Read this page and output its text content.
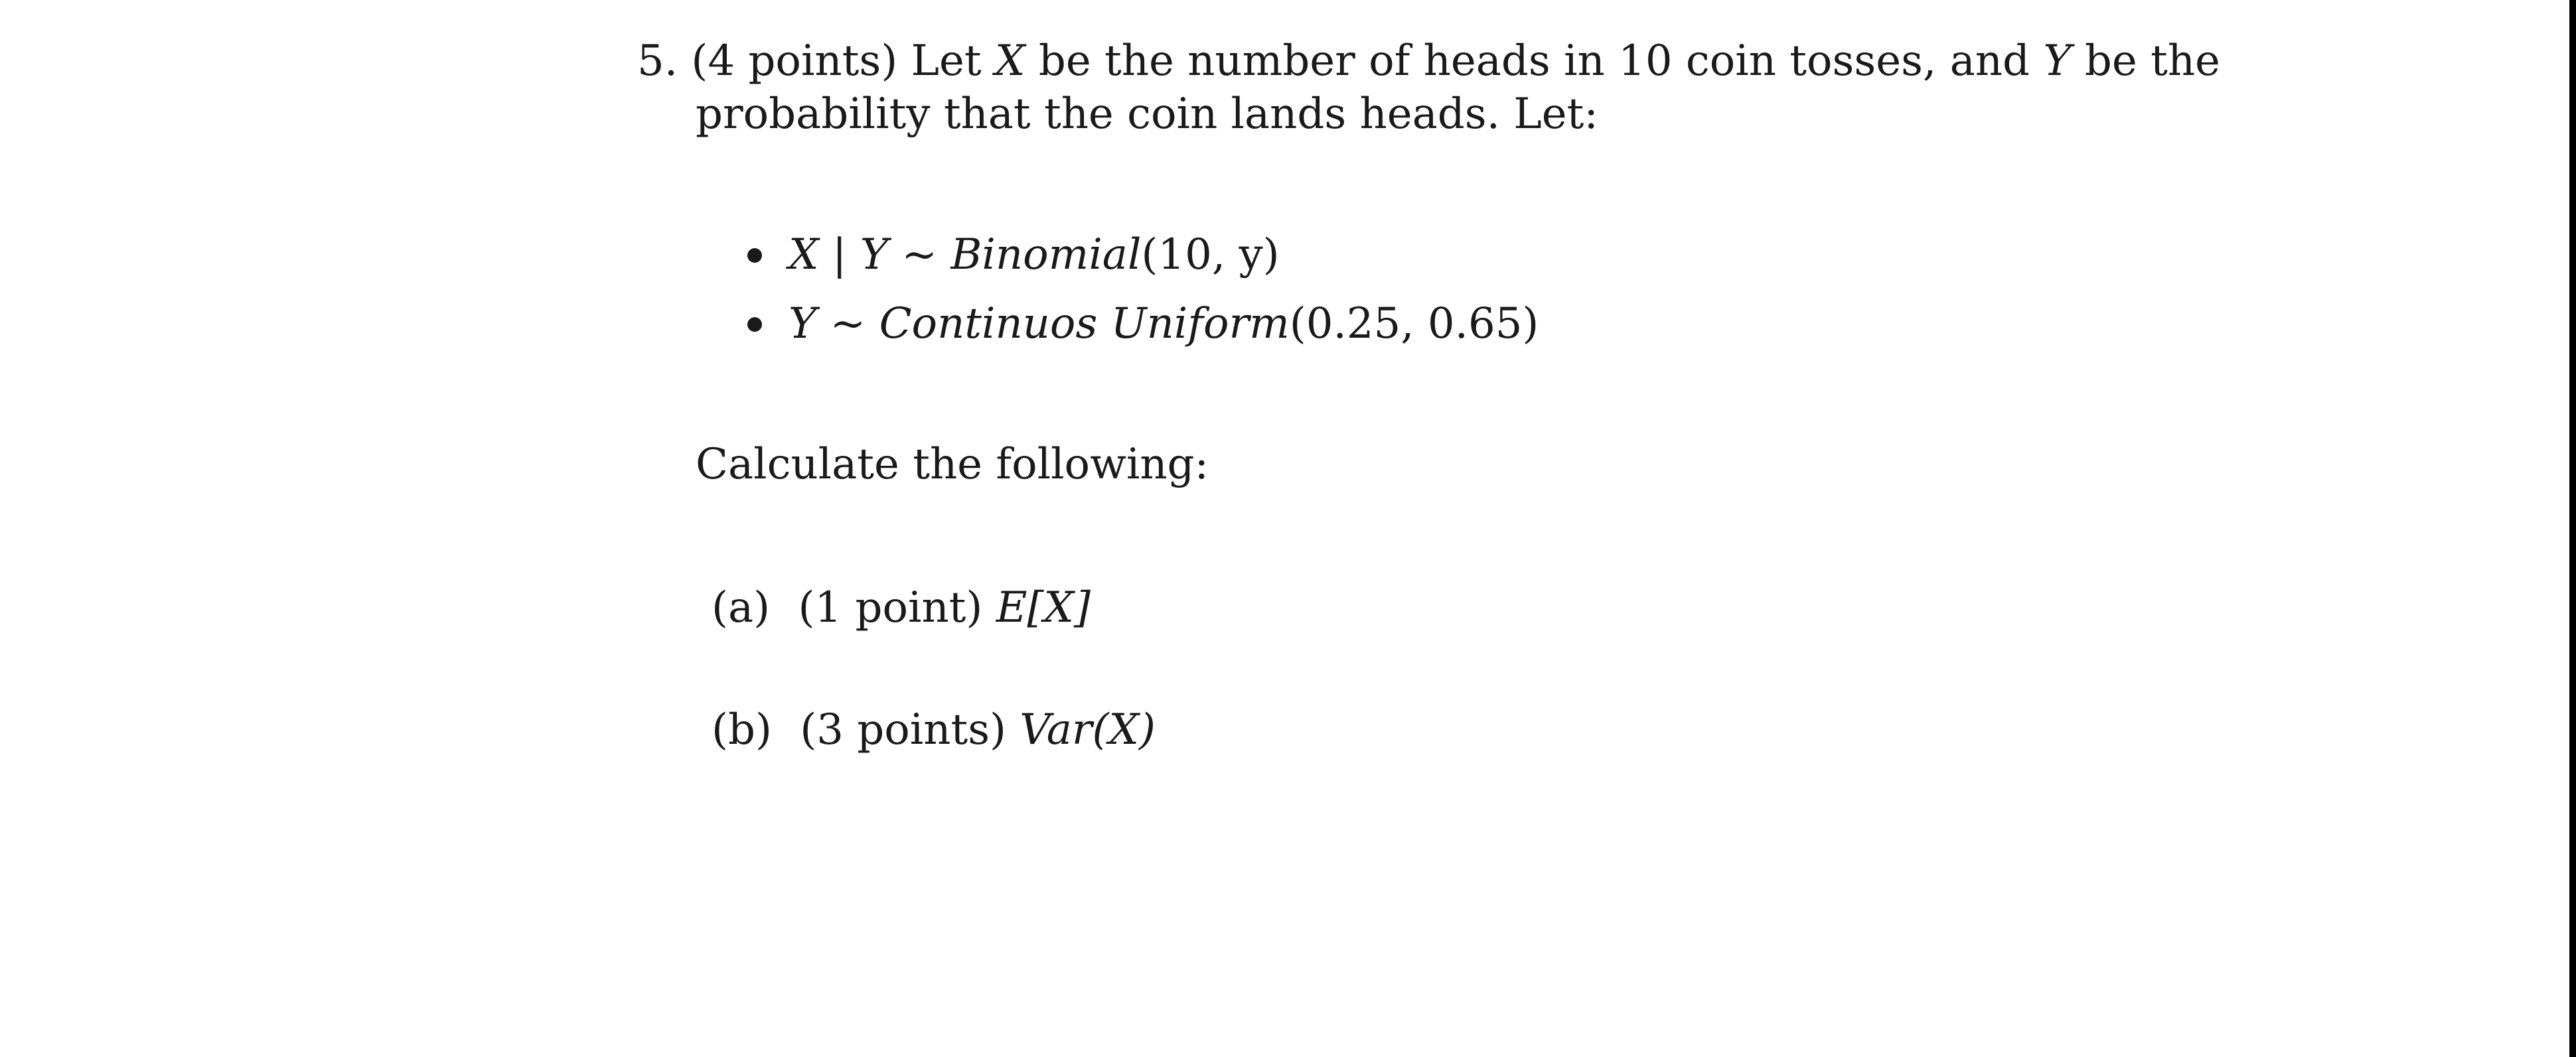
5. (4 points) Let X be the number of heads in 10 coin tosses, and Y be the
probability that the coin lands heads. Let:
X | Y ~ Binomial(10, y)
Y ~ Continuos Uniform(0.25, 0.65)
Calculate the following:
(a) (1 point) E[X]
(b) (3 points) Var(X)
